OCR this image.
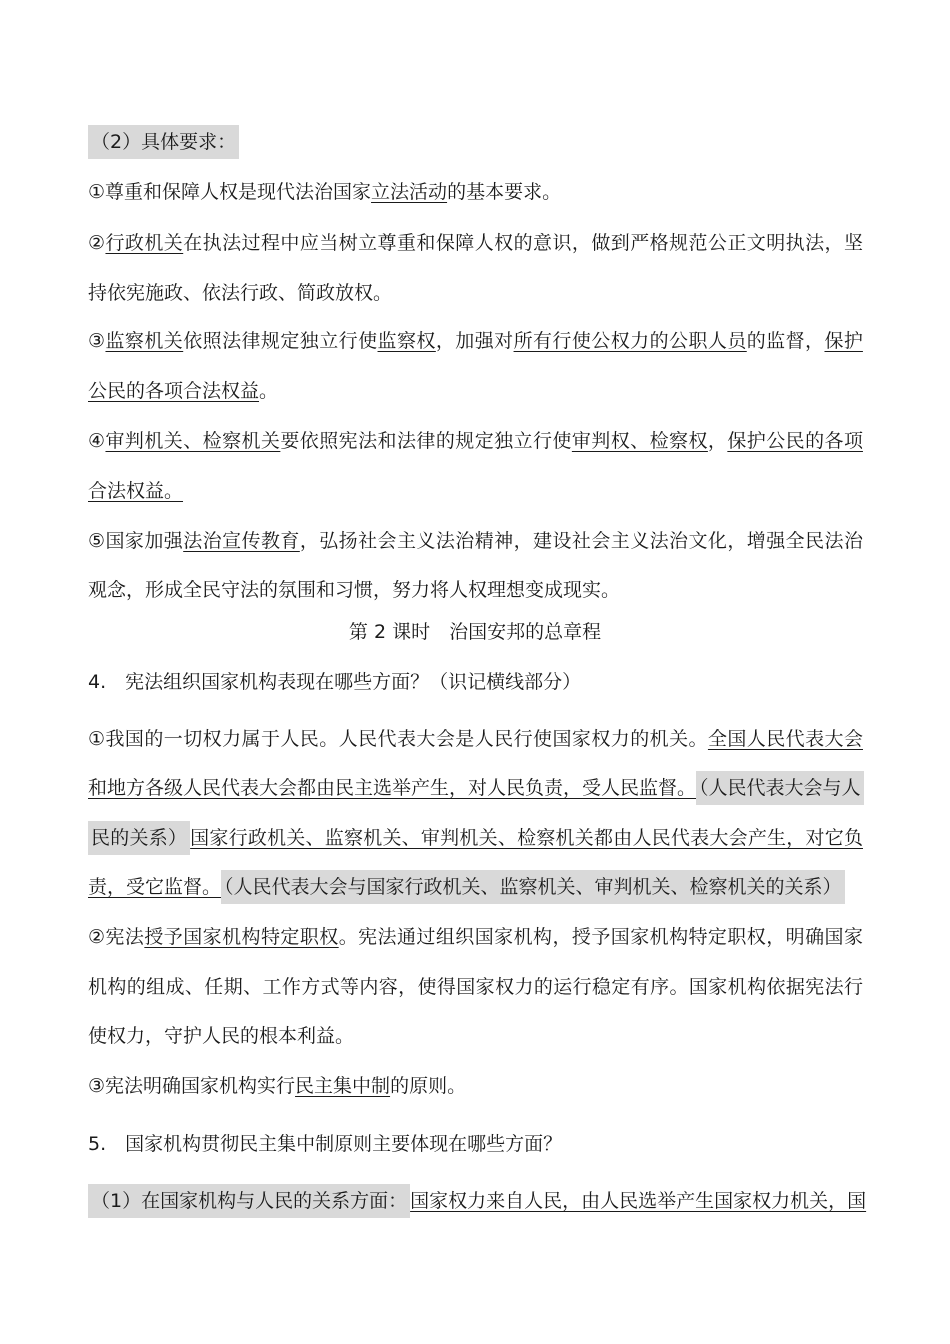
（2）具体要求：
①尊重和保障人权是现代法治国家立法活动的基本要求。
②行政机关在执法过程中应当树立尊重和保障人权的意识，做到严格规范公正文明执法，坚
持依宪施政、依法行政、简政放权。
③监察机关依照法律规定独立行使监察权，加强对所有行使公权力的公职人员的监督，保护
公民的各项合法权益。
④审判机关、检察机关要依照宪法和法律的规定独立行使审判权、检察权，保护公民的各项
合法权益。
⑤国家加强法治宣传教育，弘扬社会主义法治精神，建设社会主义法治文化，增强全民法治
观念，形成全民守法的氛围和习惯，努力将人权理想变成现实。
第 2 课时　治国安邦的总章程
4.　宪法组织国家机构表现在哪些方面？（识记横线部分）
①我国的一切权力属于人民。人民代表大会是人民行使国家权力的机关。全国人民代表大会
和地方各级人民代表大会都由民主选举产生，对人民负责，受人民监督。 （人民代表大会与人
民的关系） 国家行政机关、监察机关、审判机关、检察机关都由人民代表大会产生，对它负
责，受它监督。 （人民代表大会与国家行政机关、监察机关、审判机关、检察机关的关系）
②宪法授予国家机构特定职权。宪法通过组织国家机构，授予国家机构特定职权，明确国家
机构的组成、任期、工作方式等内容，使得国家权力的运行稳定有序。国家机构依据宪法行
使权力，守护人民的根本利益。
③宪法明确国家机构实行民主集中制的原则。
5.　国家机构贯彻民主集中制原则主要体现在哪些方面？
（1）在国家机构与人民的关系方面： 国家权力来自人民，由人民选举产生国家权力机关，国
